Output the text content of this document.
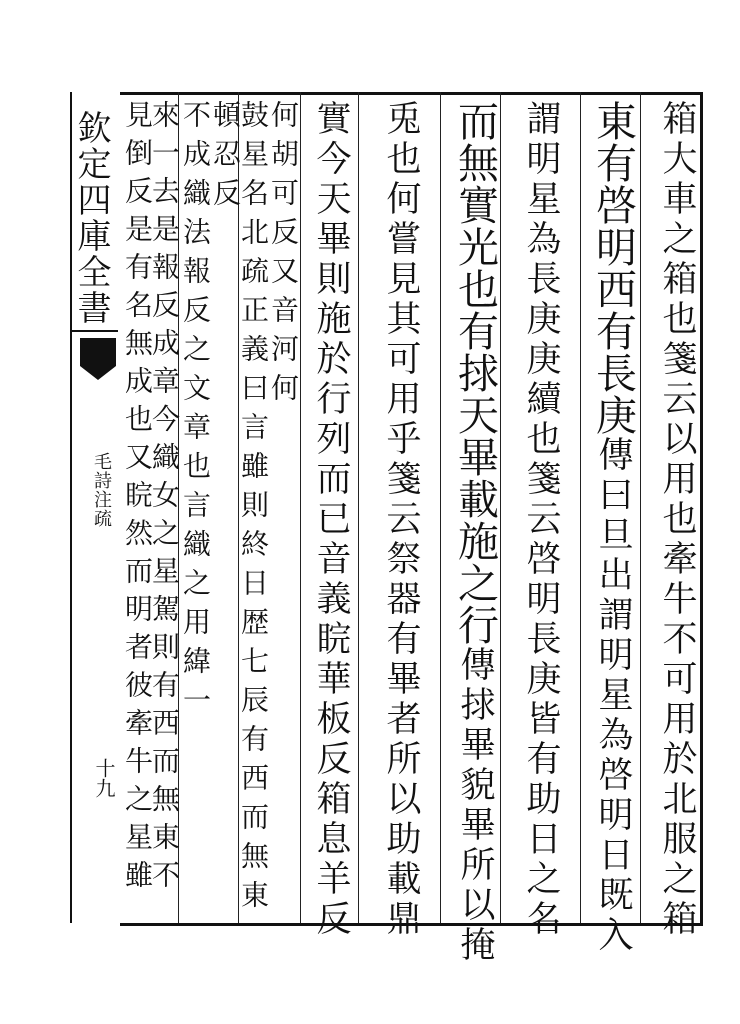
欽定四庫全書
毛詩注疏
十九	箱大車之箱也箋云以用也牽牛不可用於北服之箱
東有啓明西有長庚傳曰旦出謂明星為啓明日既入
謂明星為長庚庚續也箋云啓明長庚皆有助日之名
而無實光也有捄天畢載施之行傳捄畢貌畢所以掩
兎也何嘗見其可用乎箋云祭器有畢者所以助載鼎
實今天畢則施於行列而已音義睆華板反箱息羊反
何胡可反又音河何
鼓星名北疏正義曰言雖則終日歴七辰有西而無東
頓忍反
不成織法報反之文章也言織之用緯一
來一去是報反成章今織女之星駕則有西而無東不
見倒反是有名無成也又睆然而明者彼牽牛之星雖
